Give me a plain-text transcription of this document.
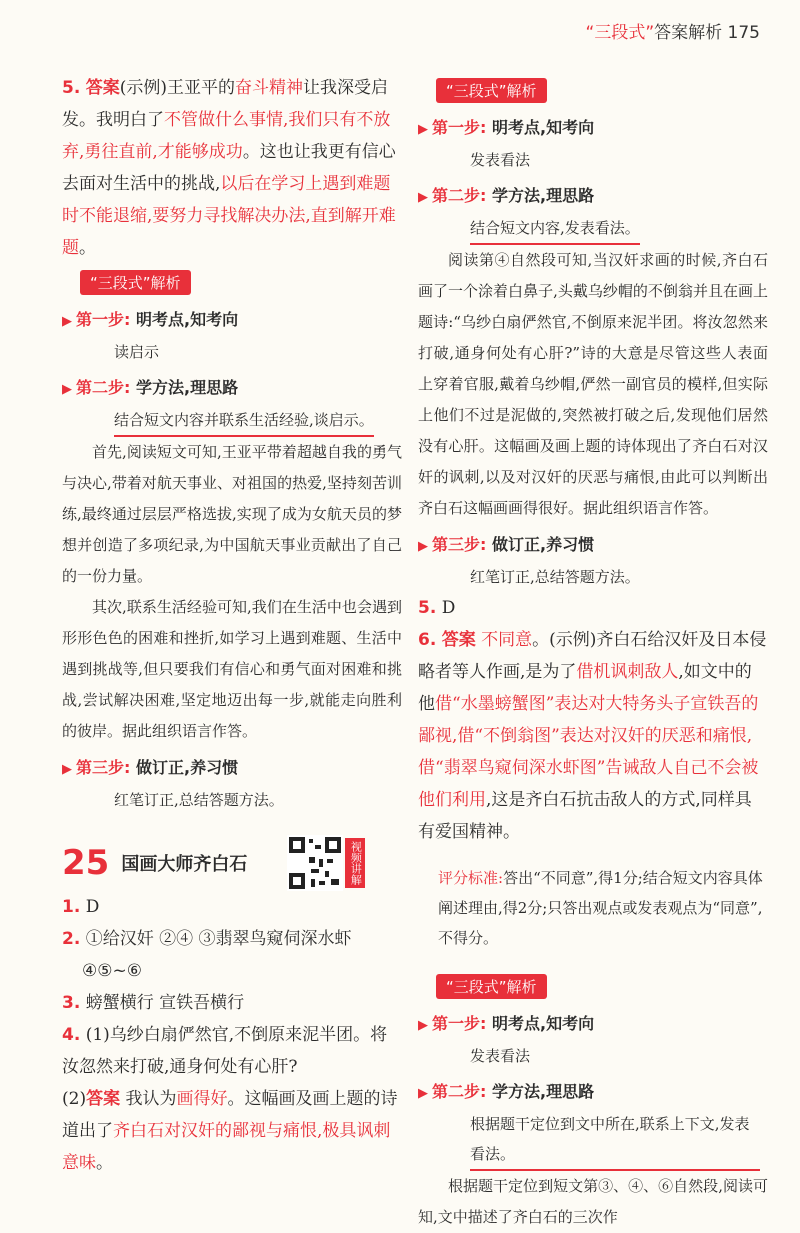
“三段式”答案解析 175

5. 答案(示例)王亚平的奋斗精神让我深受启发。我明白了不管做什么事情,我们只有不放弃,勇往直前,才能够成功。这也让我更有信心去面对生活中的挑战,以后在学习上遇到难题时不能退缩,要努力寻找解决办法,直到解开难题。

“三段式”解析
▶ 第一步: 明考点,知考向

读启示

▶ 第二步: 学方法,理思路
结合短文内容并联系生活经验,谈启示。

首先,阅读短文可知,王亚平带着超越自我的勇气与决心,带着对航天事业、对祖国的热爱,坚持刻苦训练,最终通过层层严格选拔,实现了成为女航天员的梦想并创造了多项纪录,为中国航天事业贡献出了自己的一份力量。

其次,联系生活经验可知,我们在生活中也会遇到形形色色的困难和挫折,如学习上遇到难题、生活中遇到挑战等,但只要我们有信心和勇气面对困难和挑战,尝试解决困难,坚定地迈出每一步,就能走向胜利的彼岸。据此组织语言作答。

▶ 第三步: 做订正,养习惯

红笔订正,总结答题方法。

25 国画大师齐白石	视频讲解

1. D

2. ①给汉奸 ②④ ③翡翠鸟窥伺深水虾
④⑤~⑥

3. 螃蟹横行 宣铁吾横行

4. (1)乌纱白扇俨然官,不倒原来泥半团。将汝忽然来打破,通身何处有心肝?
(2)答案 我认为画得好。这幅画及画上题的诗道出了齐白石对汉奸的鄙视与痛恨,极具讽刺意味。

“三段式”解析
▶ 第一步: 明考点,知考向

发表看法

▶ 第二步: 学方法,理思路
结合短文内容,发表看法。

阅读第④自然段可知,当汉奸求画的时候,齐白石画了一个涂着白鼻子,头戴乌纱帽的不倒翁并且在画上题诗:“乌纱白扇俨然官,不倒原来泥半团。将汝忽然来打破,通身何处有心肝?”诗的大意是尽管这些人表面上穿着官服,戴着乌纱帽,俨然一副官员的模样,但实际上他们不过是泥做的,突然被打破之后,发现他们居然没有心肝。这幅画及画上题的诗体现出了齐白石对汉奸的讽刺,以及对汉奸的厌恶与痛恨,由此可以判断出齐白石这幅画画得很好。据此组织语言作答。

▶ 第三步: 做订正,养习惯

红笔订正,总结答题方法。

5. D

6. 答案 不同意。(示例)齐白石给汉奸及日本侵略者等人作画,是为了借机讽刺敌人,如文中的他借“水墨螃蟹图”表达对大特务头子宣铁吾的鄙视,借“不倒翁图”表达对汉奸的厌恶和痛恨,借“翡翠鸟窥伺深水虾图”告诫敌人自己不会被他们利用,这是齐白石抗击敌人的方式,同样具有爱国精神。

评分标准:答出“不同意”,得1分;结合短文内容具体阐述理由,得2分;只答出观点或发表观点为“同意”,不得分。

“三段式”解析
▶ 第一步: 明考点,知考向

发表看法

▶ 第二步: 学方法,理思路
根据题干定位到文中所在,联系上下文,发表看法。

根据题干定位到短文第③、④、⑥自然段,阅读可知,文中描述了齐白石的三次作
